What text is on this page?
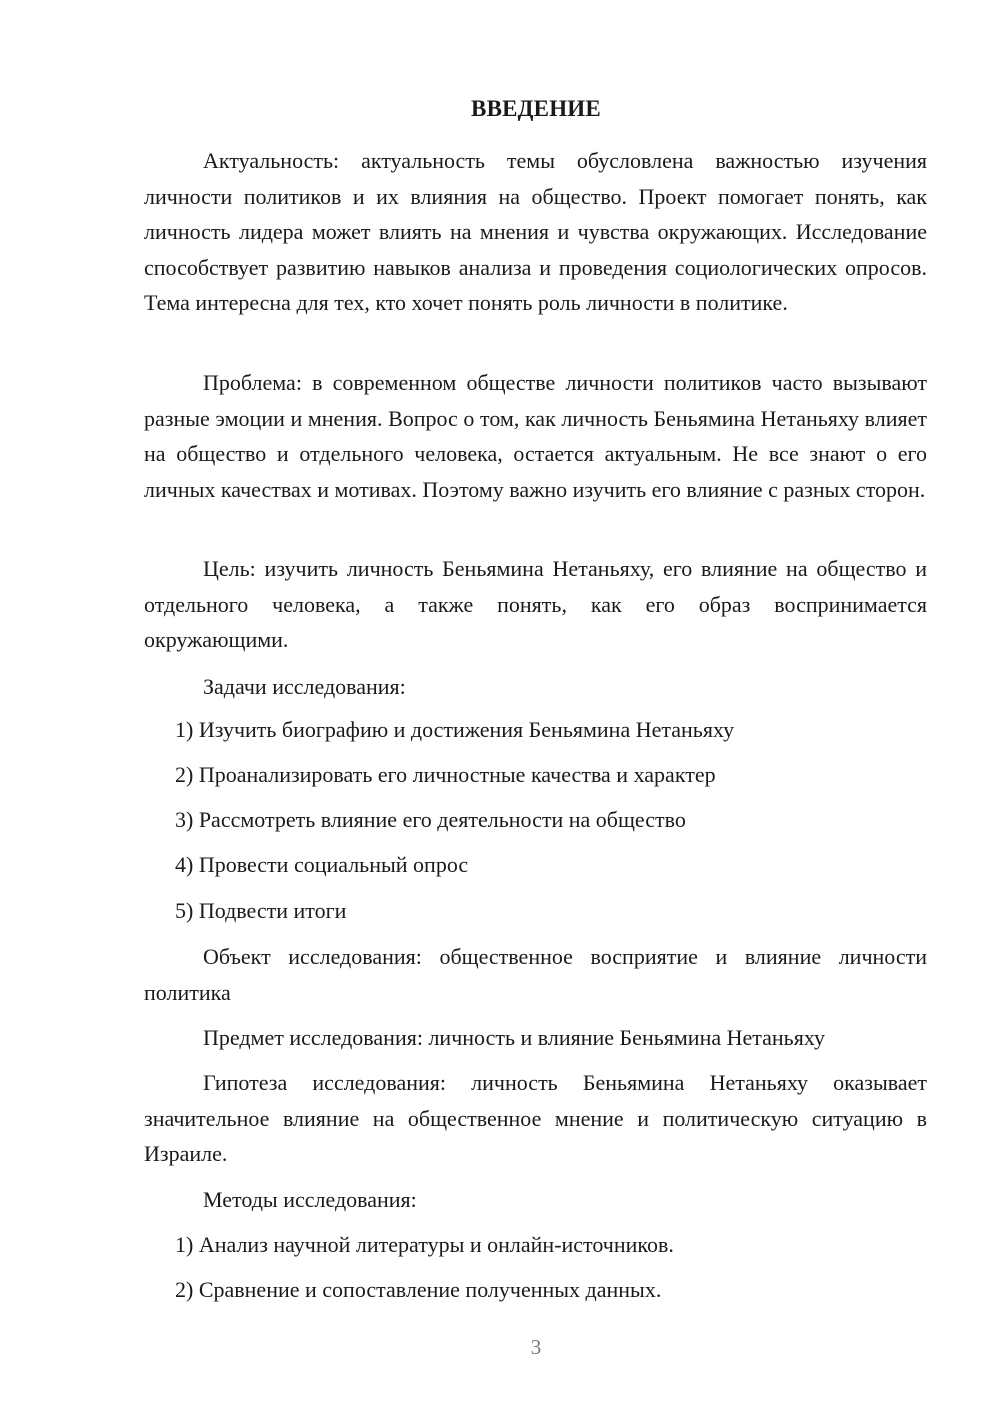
ВВЕДЕНИЕ

Актуальность: актуальность темы обусловлена важностью изучения личности политиков и их влияния на общество. Проект помогает понять, как личность лидера может влиять на мнения и чувства окружающих. Исследование способствует развитию навыков анализа и проведения социологических опросов. Тема интересна для тех, кто хочет понять роль личности в политике.

Проблема: в современном обществе личности политиков часто вызывают разные эмоции и мнения. Вопрос о том, как личность Беньямина Нетаньяху влияет на общество и отдельного человека, остается актуальным. Не все знают о его личных качествах и мотивах. Поэтому важно изучить его влияние с разных сторон.

Цель: изучить личность Беньямина Нетаньяху, его влияние на общество и отдельного человека, а также понять, как его образ воспринимается окружающими.

Задачи исследования:

1) Изучить биографию и достижения Беньямина Нетаньяху

2) Проанализировать его личностные качества и характер

3) Рассмотреть влияние его деятельности на общество

4) Провести социальный опрос

5) Подвести итоги

Объект исследования: общественное восприятие и влияние личности политика

Предмет исследования: личность и влияние Беньямина Нетаньяху

Гипотеза исследования: личность Беньямина Нетаньяху оказывает значительное влияние на общественное мнение и политическую ситуацию в Израиле.

Методы исследования:

1) Анализ научной литературы и онлайн-источников.

2) Сравнение и сопоставление полученных данных.

3
